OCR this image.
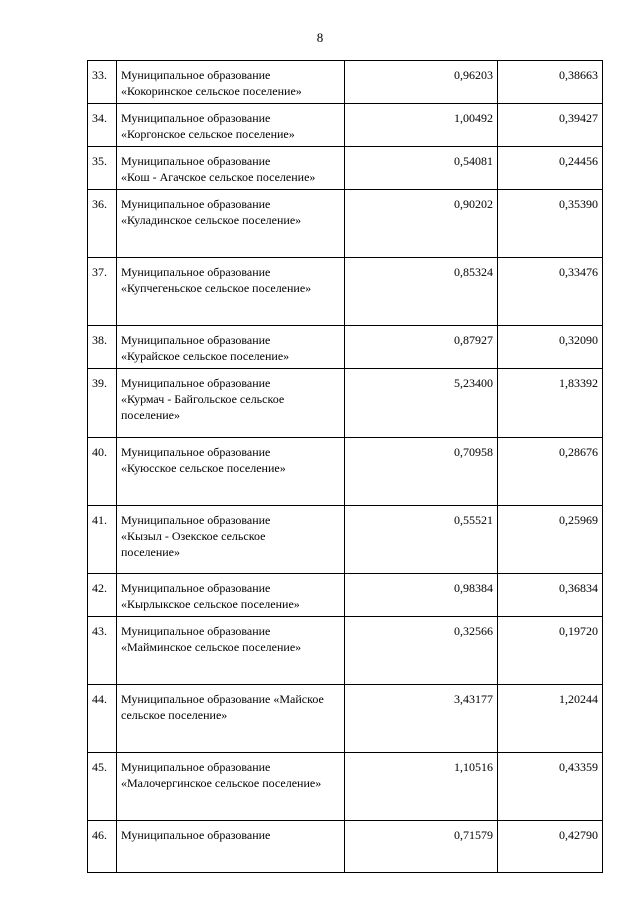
8
33.	Муниципальное образование
«Кокоринское сельское поселение»	0,96203	0,38663
34.	Муниципальное образование
«Коргонское сельское поселение»	1,00492	0,39427
35.	Муниципальное образование
«Кош - Агачское сельское поселение»	0,54081	0,24456
36.	Муниципальное образование
«Куладинское сельское поселение»	0,90202	0,35390
37.	Муниципальное образование
«Купчегеньское сельское поселение»	0,85324	0,33476
38.	Муниципальное образование
«Курайское сельское поселение»	0,87927	0,32090
39.	Муниципальное образование
«Курмач - Байгольское сельское
поселение»	5,23400	1,83392
40.	Муниципальное образование
«Куюсское сельское поселение»	0,70958	0,28676
41.	Муниципальное образование
«Кызыл - Озекское сельское
поселение»	0,55521	0,25969
42.	Муниципальное образование
«Кырлыкское сельское поселение»	0,98384	0,36834
43.	Муниципальное образование
«Майминское сельское поселение»	0,32566	0,19720
44.	Муниципальное образование «Майское
сельское поселение»	3,43177	1,20244
45.	Муниципальное образование
«Малочергинское сельское поселение»	1,10516	0,43359
46.	Муниципальное образование	0,71579	0,42790
